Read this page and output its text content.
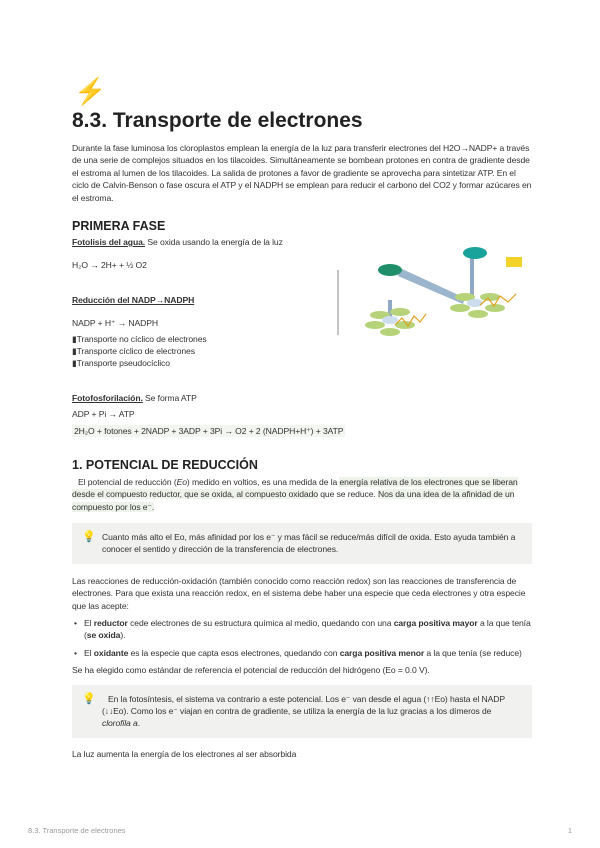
⚡
8.3. Transporte de electrones
Durante la fase luminosa los cloroplastos emplean la energía de la luz para transferir electrones del H2O→NADP+ a través de una serie de complejos situados en los tilacoides. Simultáneamente se bombean protones en contra de gradiente desde el estroma al lumen de los tilacoides. La salida de protones a favor de gradiente se aprovecha para sintetizar ATP. En el ciclo de Calvin-Benson o fase oscura el ATP y el NADPH se emplean para reducir el carbono del CO2 y formar azúcares en el estroma.
PRIMERA FASE
Fotolisis del agua. Se oxida usando la energía de la luz
H₂O → 2H+ + ½ O2
Reducción del NADP→NADPH
NADP + H⁺ → NADPH
▮Transporte no cíclico de electrones
▮Transporte cíclico de electrones
▮Transporte pseudocíclico
Fotofosforilación. Se forma ATP
ADP + Pi → ATP
2H₂O + fotones + 2NADP + 3ADP + 3Pi → O2 + 2 (NADPH+H⁺) + 3ATP
1. POTENCIAL DE REDUCCIÓN
El potencial de reducción (Eo) medido en voltios, es una medida de la energía relativa de los electrones que se liberan desde el compuesto reductor, que se oxida, al compuesto oxidado que se reduce. Nos da una idea de la afinidad de un compuesto por los e⁻.
💡 Cuanto más alto el Eo, más afinidad por los e⁻ y mas fácil se reduce/más difícil de oxida. Esto ayuda también a conocer el sentido y dirección de la transferencia de electrones.
Las reacciones de reducción-oxidación (también conocido como reacción redox) son las reacciones de transferencia de electrones. Para que exista una reacción redox, en el sistema debe haber una especie que ceda electrones y otra especie que las acepte:
• El reductor cede electrones de su estructura química al medio, quedando con una carga positiva mayor a la que tenía (se oxida).
• El oxidante es la especie que capta esos electrones, quedando con carga positiva menor a la que tenía (se reduce)
Se ha elegido como estándar de referencia el potencial de reducción del hidrógeno (Eo = 0.0 V).
💡 En la fotosíntesis, el sistema va contrario a este potencial. Los e⁻ van desde el agua (↑↑Eo) hasta el NADP (↓↓Eo). Como los e⁻ viajan en contra de gradiente, se utiliza la energía de la luz gracias a los dímeros de clorofila a.
La luz aumenta la energía de los electrones al ser absorbida
8.3. Transporte de electrones	1
